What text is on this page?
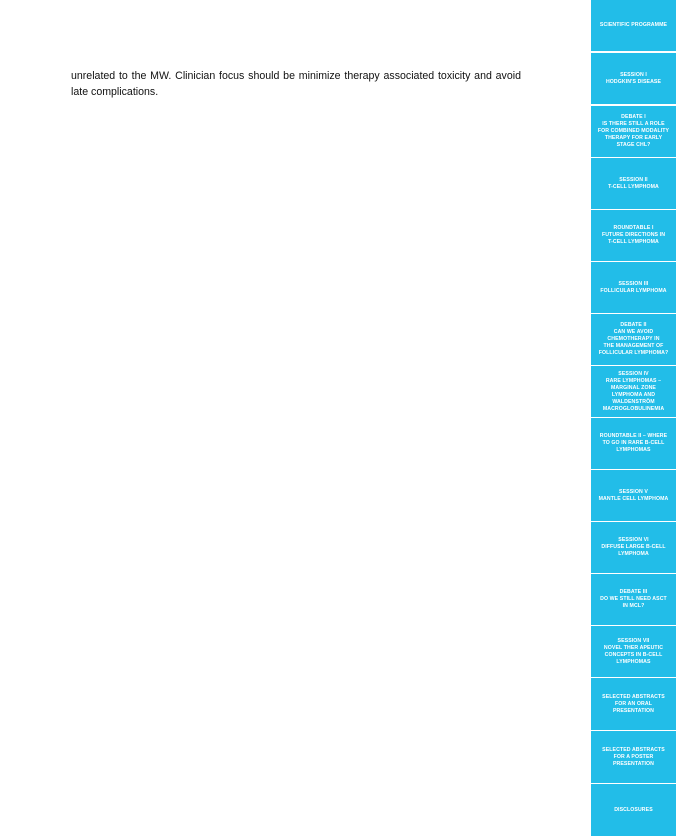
unrelated to the MW. Clinician focus should be minimize therapy associated toxicity and avoid late complications.

SCIENTIFIC PROGRAMME
SESSION I
HODGKIN'S DISEASE
DEBATE I
IS THERE STILL A ROLE
FOR COMBINED MODALITY
THERAPY FOR EARLY
STAGE CHL?
SESSION II
T-CELL LYMPHOMA
ROUNDTABLE I
FUTURE DIRECTIONS IN
T-CELL LYMPHOMA
SESSION III
FOLLICULAR LYMPHOMA
DEBATE II
CAN WE AVOID
CHEMOTHERAPY IN
THE MANAGEMENT OF
FOLLICULAR LYMPHOMA?
SESSION IV
RARE LYMPHOMAS –
MARGINAL ZONE
LYMPHOMA AND
WALDENSTRÖM
MACROGLOBULINEMIA
ROUNDTABLE II – WHERE
TO GO IN RARE B-CELL
LYMPHOMAS
SESSION V
MANTLE CELL LYMPHOMA
SESSION VI
DIFFUSE LARGE B-CELL
LYMPHOMA
DEBATE III
DO WE STILL NEED ASCT
IN MCL?
SESSION VII
NOVEL THER APEUTIC
CONCEPTS IN B-CELL
LYMPHOMAS
SELECTED ABSTRACTS
FOR AN ORAL
PRESENTATION
SELECTED ABSTRACTS
FOR A POSTER
PRESENTATION
DISCLOSURES
